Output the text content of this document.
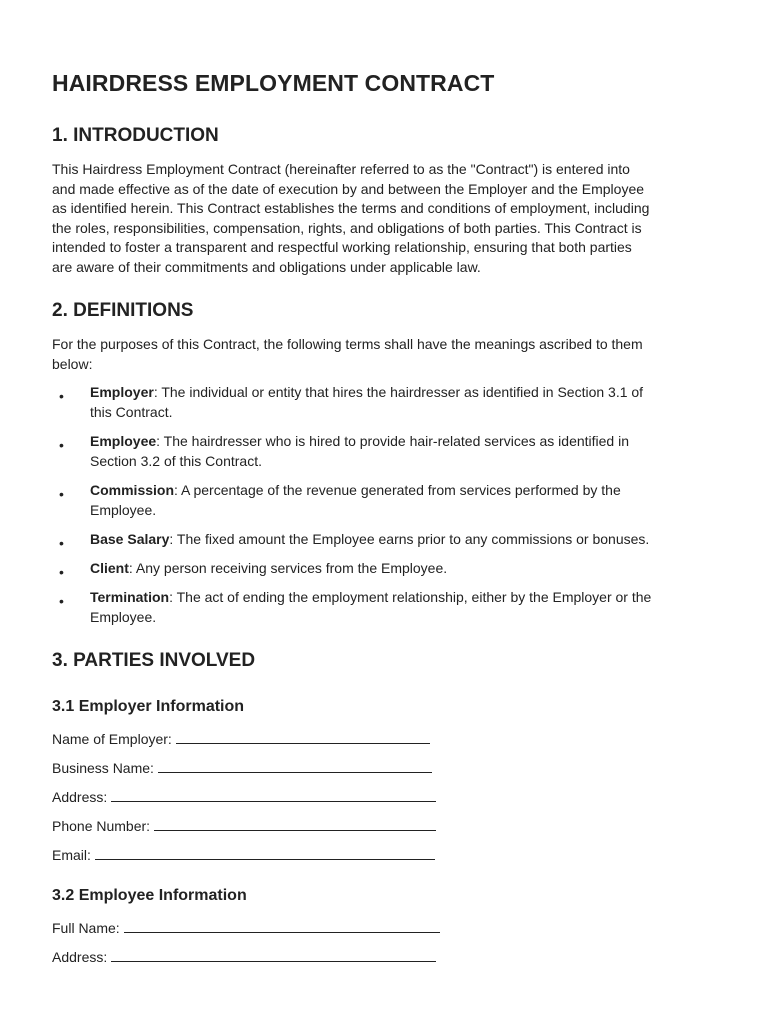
HAIRDRESS EMPLOYMENT CONTRACT
1. INTRODUCTION
This Hairdress Employment Contract (hereinafter referred to as the "Contract") is entered into
and made effective as of the date of execution by and between the Employer and the Employee
as identified herein. This Contract establishes the terms and conditions of employment, including
the roles, responsibilities, compensation, rights, and obligations of both parties. This Contract is
intended to foster a transparent and respectful working relationship, ensuring that both parties
are aware of their commitments and obligations under applicable law.
2. DEFINITIONS
For the purposes of this Contract, the following terms shall have the meanings ascribed to them
below:
• Employer: The individual or entity that hires the hairdresser as identified in Section 3.1 of
this Contract.
• Employee: The hairdresser who is hired to provide hair-related services as identified in
Section 3.2 of this Contract.
• Commission: A percentage of the revenue generated from services performed by the
Employee.
• Base Salary: The fixed amount the Employee earns prior to any commissions or bonuses.
• Client: Any person receiving services from the Employee.
• Termination: The act of ending the employment relationship, either by the Employer or the
Employee.
3. PARTIES INVOLVED
3.1 Employer Information
Name of Employer:
Business Name:
Address:
Phone Number:
Email:
3.2 Employee Information
Full Name:
Address:
